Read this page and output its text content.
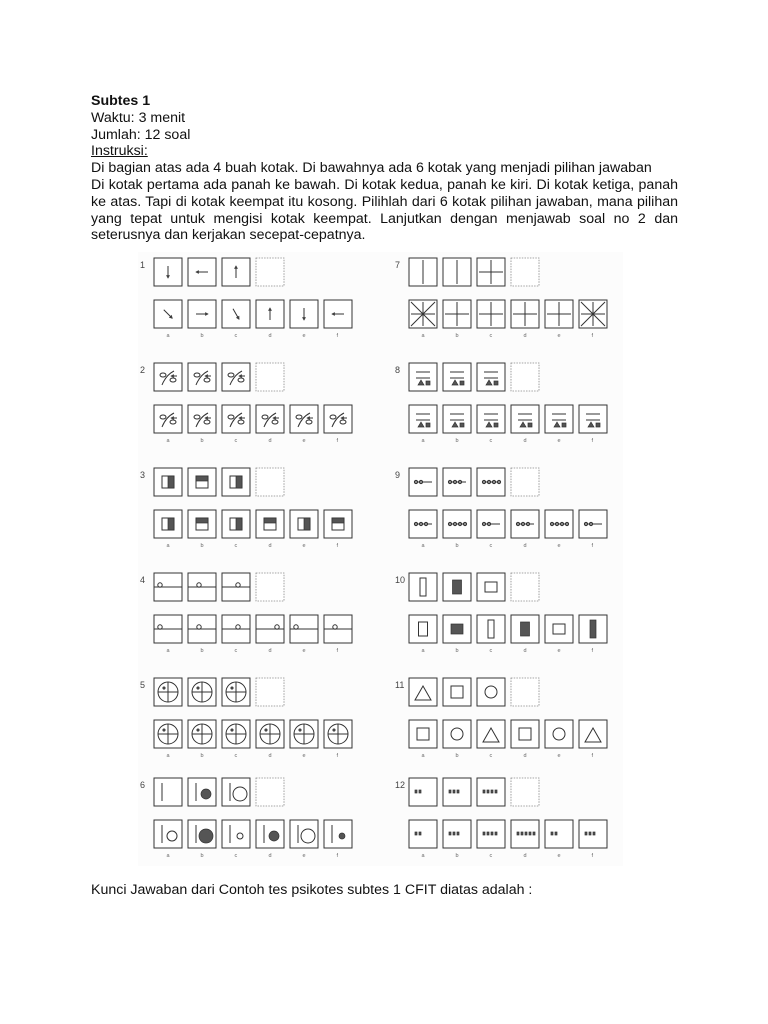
Subtes 1
Waktu: 3 menit
Jumlah: 12 soal
Instruksi:
Di bagian atas ada 4 buah kotak. Di bawahnya ada 6 kotak yang menjadi pilihan jawaban
Di kotak pertama ada panah ke bawah. Di kotak kedua, panah ke kiri. Di kotak ketiga, panah ke atas. Tapi di kotak keempat itu kosong. Pilihlah dari 6 kotak pilihan jawaban, mana pilihan yang tepat untuk mengisi kotak keempat. Lanjutkan dengan menjawab soal no 2 dan seterusnya dan kerjakan secepat-cepatnya.
1
a	b	c	d	e	f
2
a	b	c	d	e	f
3
a	b	c	d	e	f
4
a	b	c	d	e	f
5
a	b	c	d	e	f
6
a	b	c	d	e	f
7
a	b	c	d	e	f
8
a	b	c	d	e	f
9
a	b	c	d	e	f
10
a	b	c	d	e	f
11
a	b	c	d	e	f
12
a	b	c	d	e	f
Kunci Jawaban dari Contoh tes psikotes subtes 1 CFIT diatas adalah :
